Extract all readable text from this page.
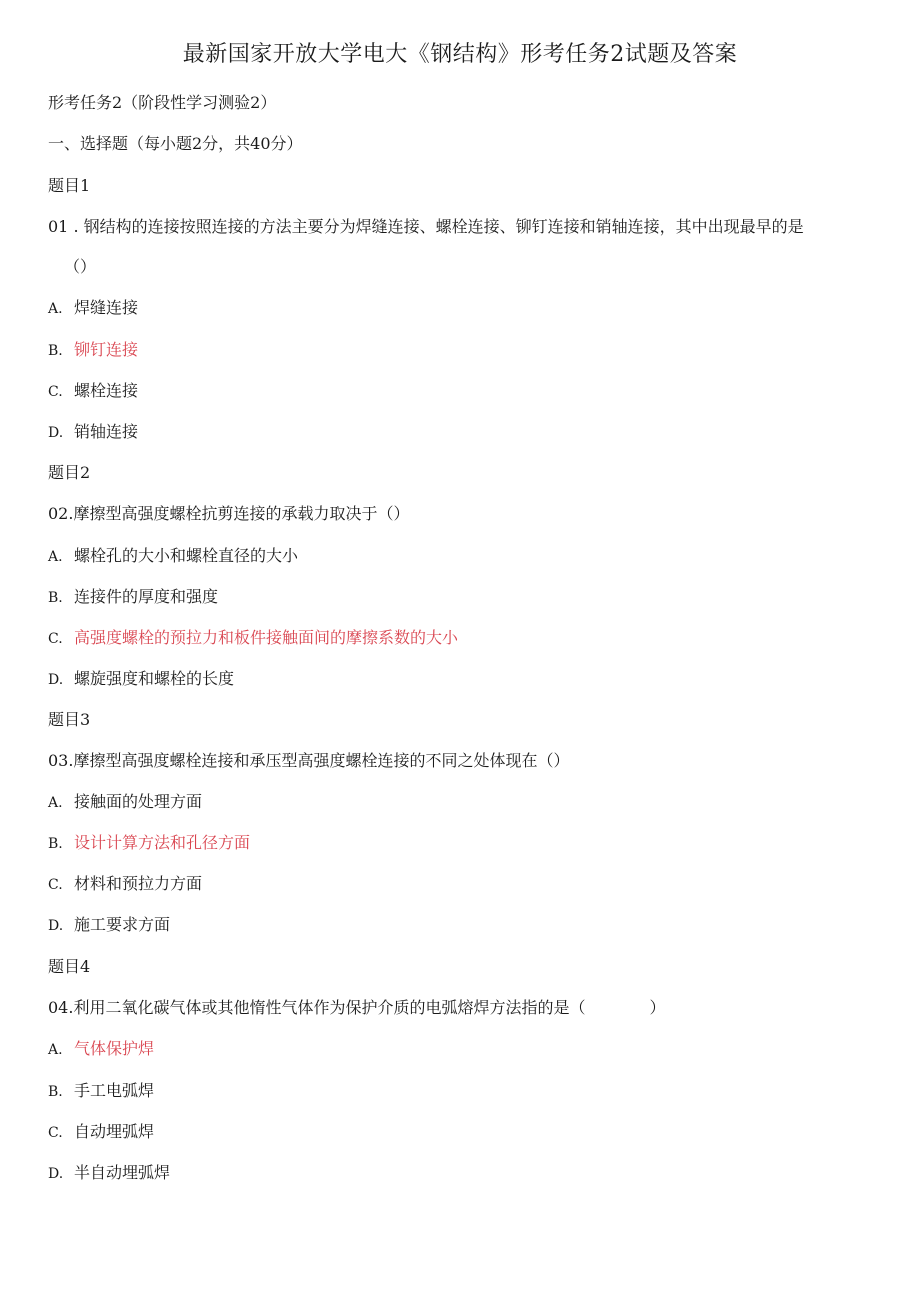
最新国家开放大学电大《钢结构》形考任务2试题及答案
形考任务2（阶段性学习测验2）
一、选择题（每小题2分，共40分）
题目1
01 . 钢结构的连接按照连接的方法主要分为焊缝连接、螺栓连接、铆钉连接和销轴连接，其中出现最早的是
（）
A. 焊缝连接
B. 铆钉连接
C. 螺栓连接
D. 销轴连接
题目2
02.摩擦型高强度螺栓抗剪连接的承载力取决于（）
A. 螺栓孔的大小和螺栓直径的大小
B. 连接件的厚度和强度
C. 高强度螺栓的预拉力和板件接触面间的摩擦系数的大小
D. 螺旋强度和螺栓的长度
题目3
03.摩擦型高强度螺栓连接和承压型高强度螺栓连接的不同之处体现在（）
A. 接触面的处理方面
B. 设计计算方法和孔径方面
C. 材料和预拉力方面
D. 施工要求方面
题目4
04.利用二氧化碳气体或其他惰性气体作为保护介质的电弧熔焊方法指的是（　　　　）
A. 气体保护焊
B. 手工电弧焊
C. 自动埋弧焊
D. 半自动埋弧焊
